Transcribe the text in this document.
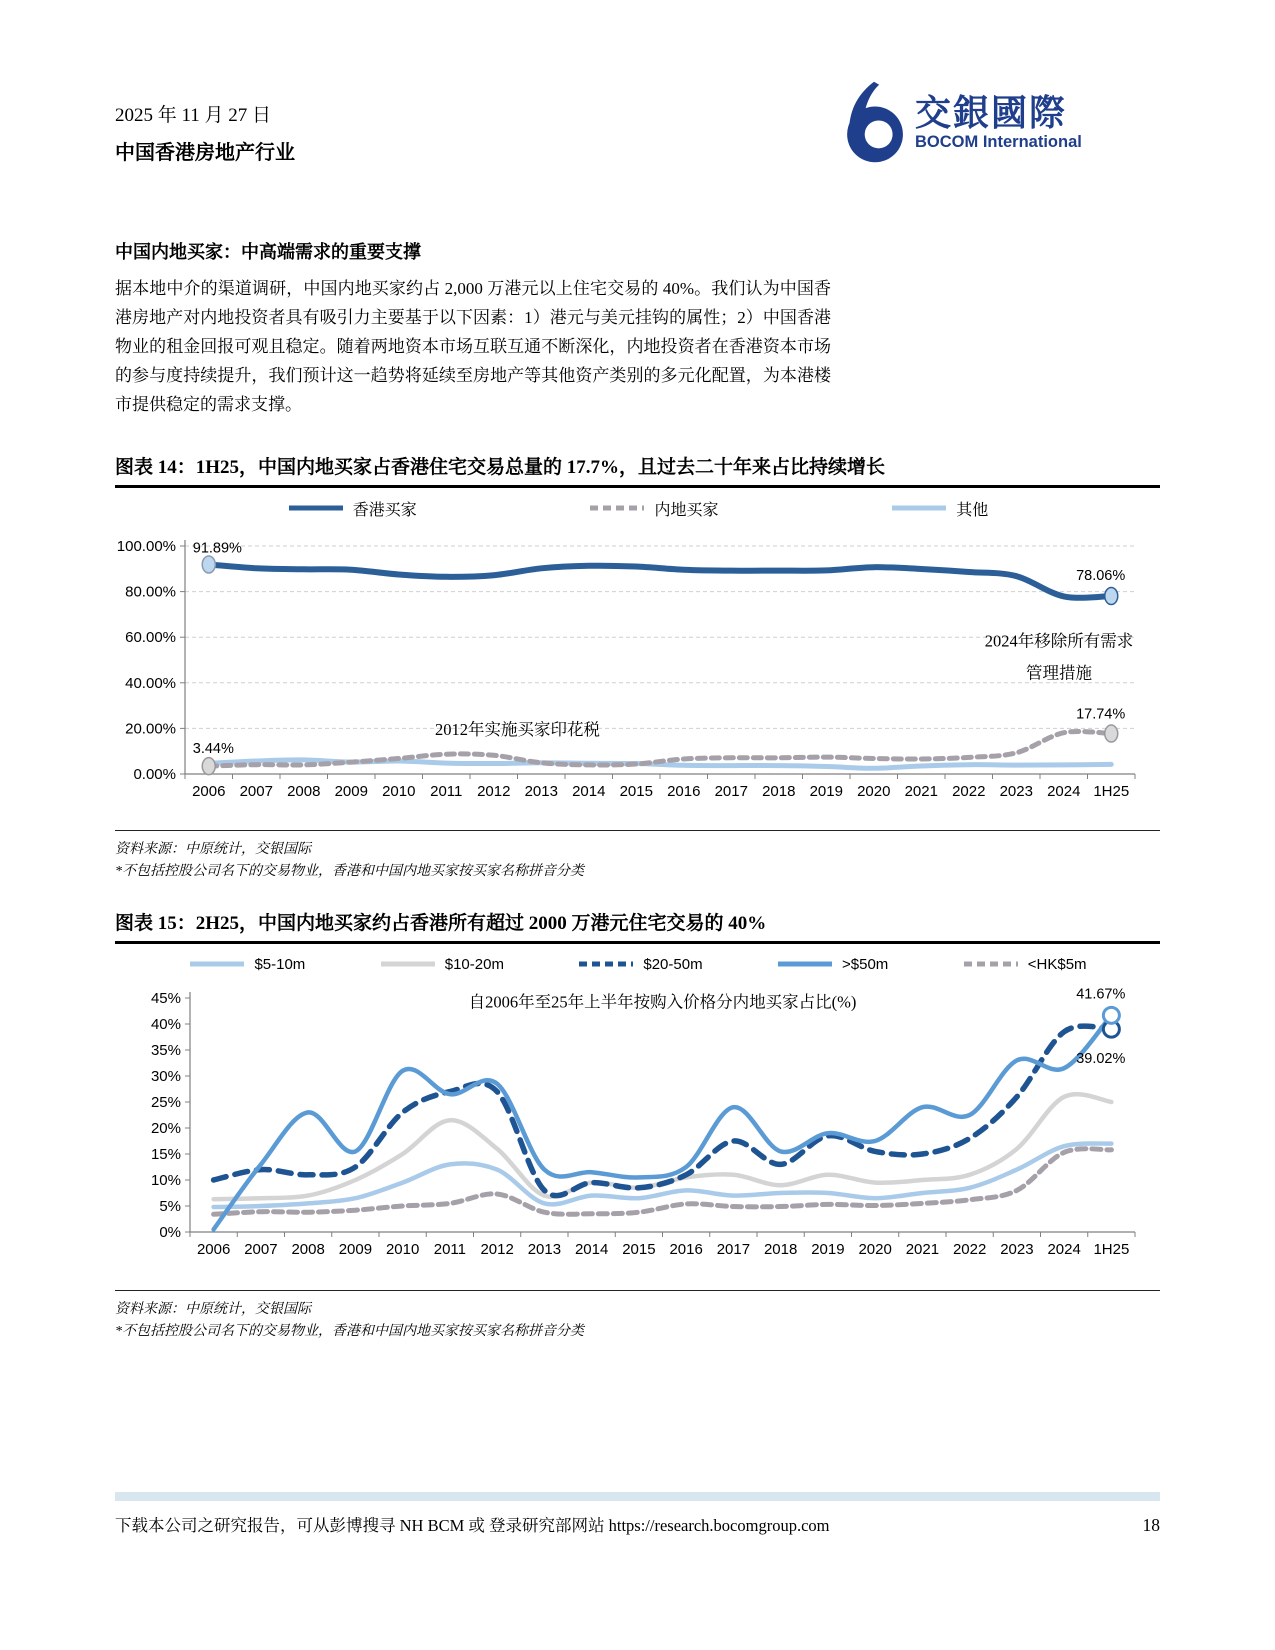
2025 年 11 月 27 日
中国香港房地产行业
交銀國際
BOCOM International
中国内地买家：中高端需求的重要支撑
据本地中介的渠道调研，中国内地买家约占 2,000 万港元以上住宅交易的 40%。我们认为中国香港房地产对内地投资者具有吸引力主要基于以下因素：1）港元与美元挂钩的属性；2）中国香港物业的租金回报可观且稳定。随着两地资本市场互联互通不断深化，内地投资者在香港资本市场的参与度持续提升，我们预计这一趋势将延续至房地产等其他资产类别的多元化配置，为本港楼市提供稳定的需求支撑。
图表 14：1H25，中国内地买家占香港住宅交易总量的 17.7%，且过去二十年来占比持续增长
香港买家	内地买家	其他
0.00%
20.00%
40.00%
60.00%
80.00%
100.00%
2006 2007 2008 2009 2010 2011 2012 2013 2014 2015 2016 2017 2018 2019 2020 2021 2022 2023 2024 1H25
91.89%
78.06%
3.44%
17.74%
2012年实施买家印花税
2024年移除所有需求
管理措施
资料来源：中原统计，交银国际
*不包括控股公司名下的交易物业，香港和中国内地买家按买家名称拼音分类
图表 15：2H25，中国内地买家约占香港所有超过 2000 万港元住宅交易的 40%
$5-10m	$10-20m	$20-50m	>$50m	<HK$5m
0%
5%
10%
15%
20%
25%
30%
35%
40%
45%
2006 2007 2008 2009 2010 2011 2012 2013 2014 2015 2016 2017 2018 2019 2020 2021 2022 2023 2024 1H25
39.02%
41.67%
自2006年至25年上半年按购入价格分内地买家占比(%)
资料来源：中原统计，交银国际
*不包括控股公司名下的交易物业，香港和中国内地买家按买家名称拼音分类
下载本公司之研究报告，可从彭博搜寻 NH BCM 或 登录研究部网站 https://research.bocomgroup.com	18
